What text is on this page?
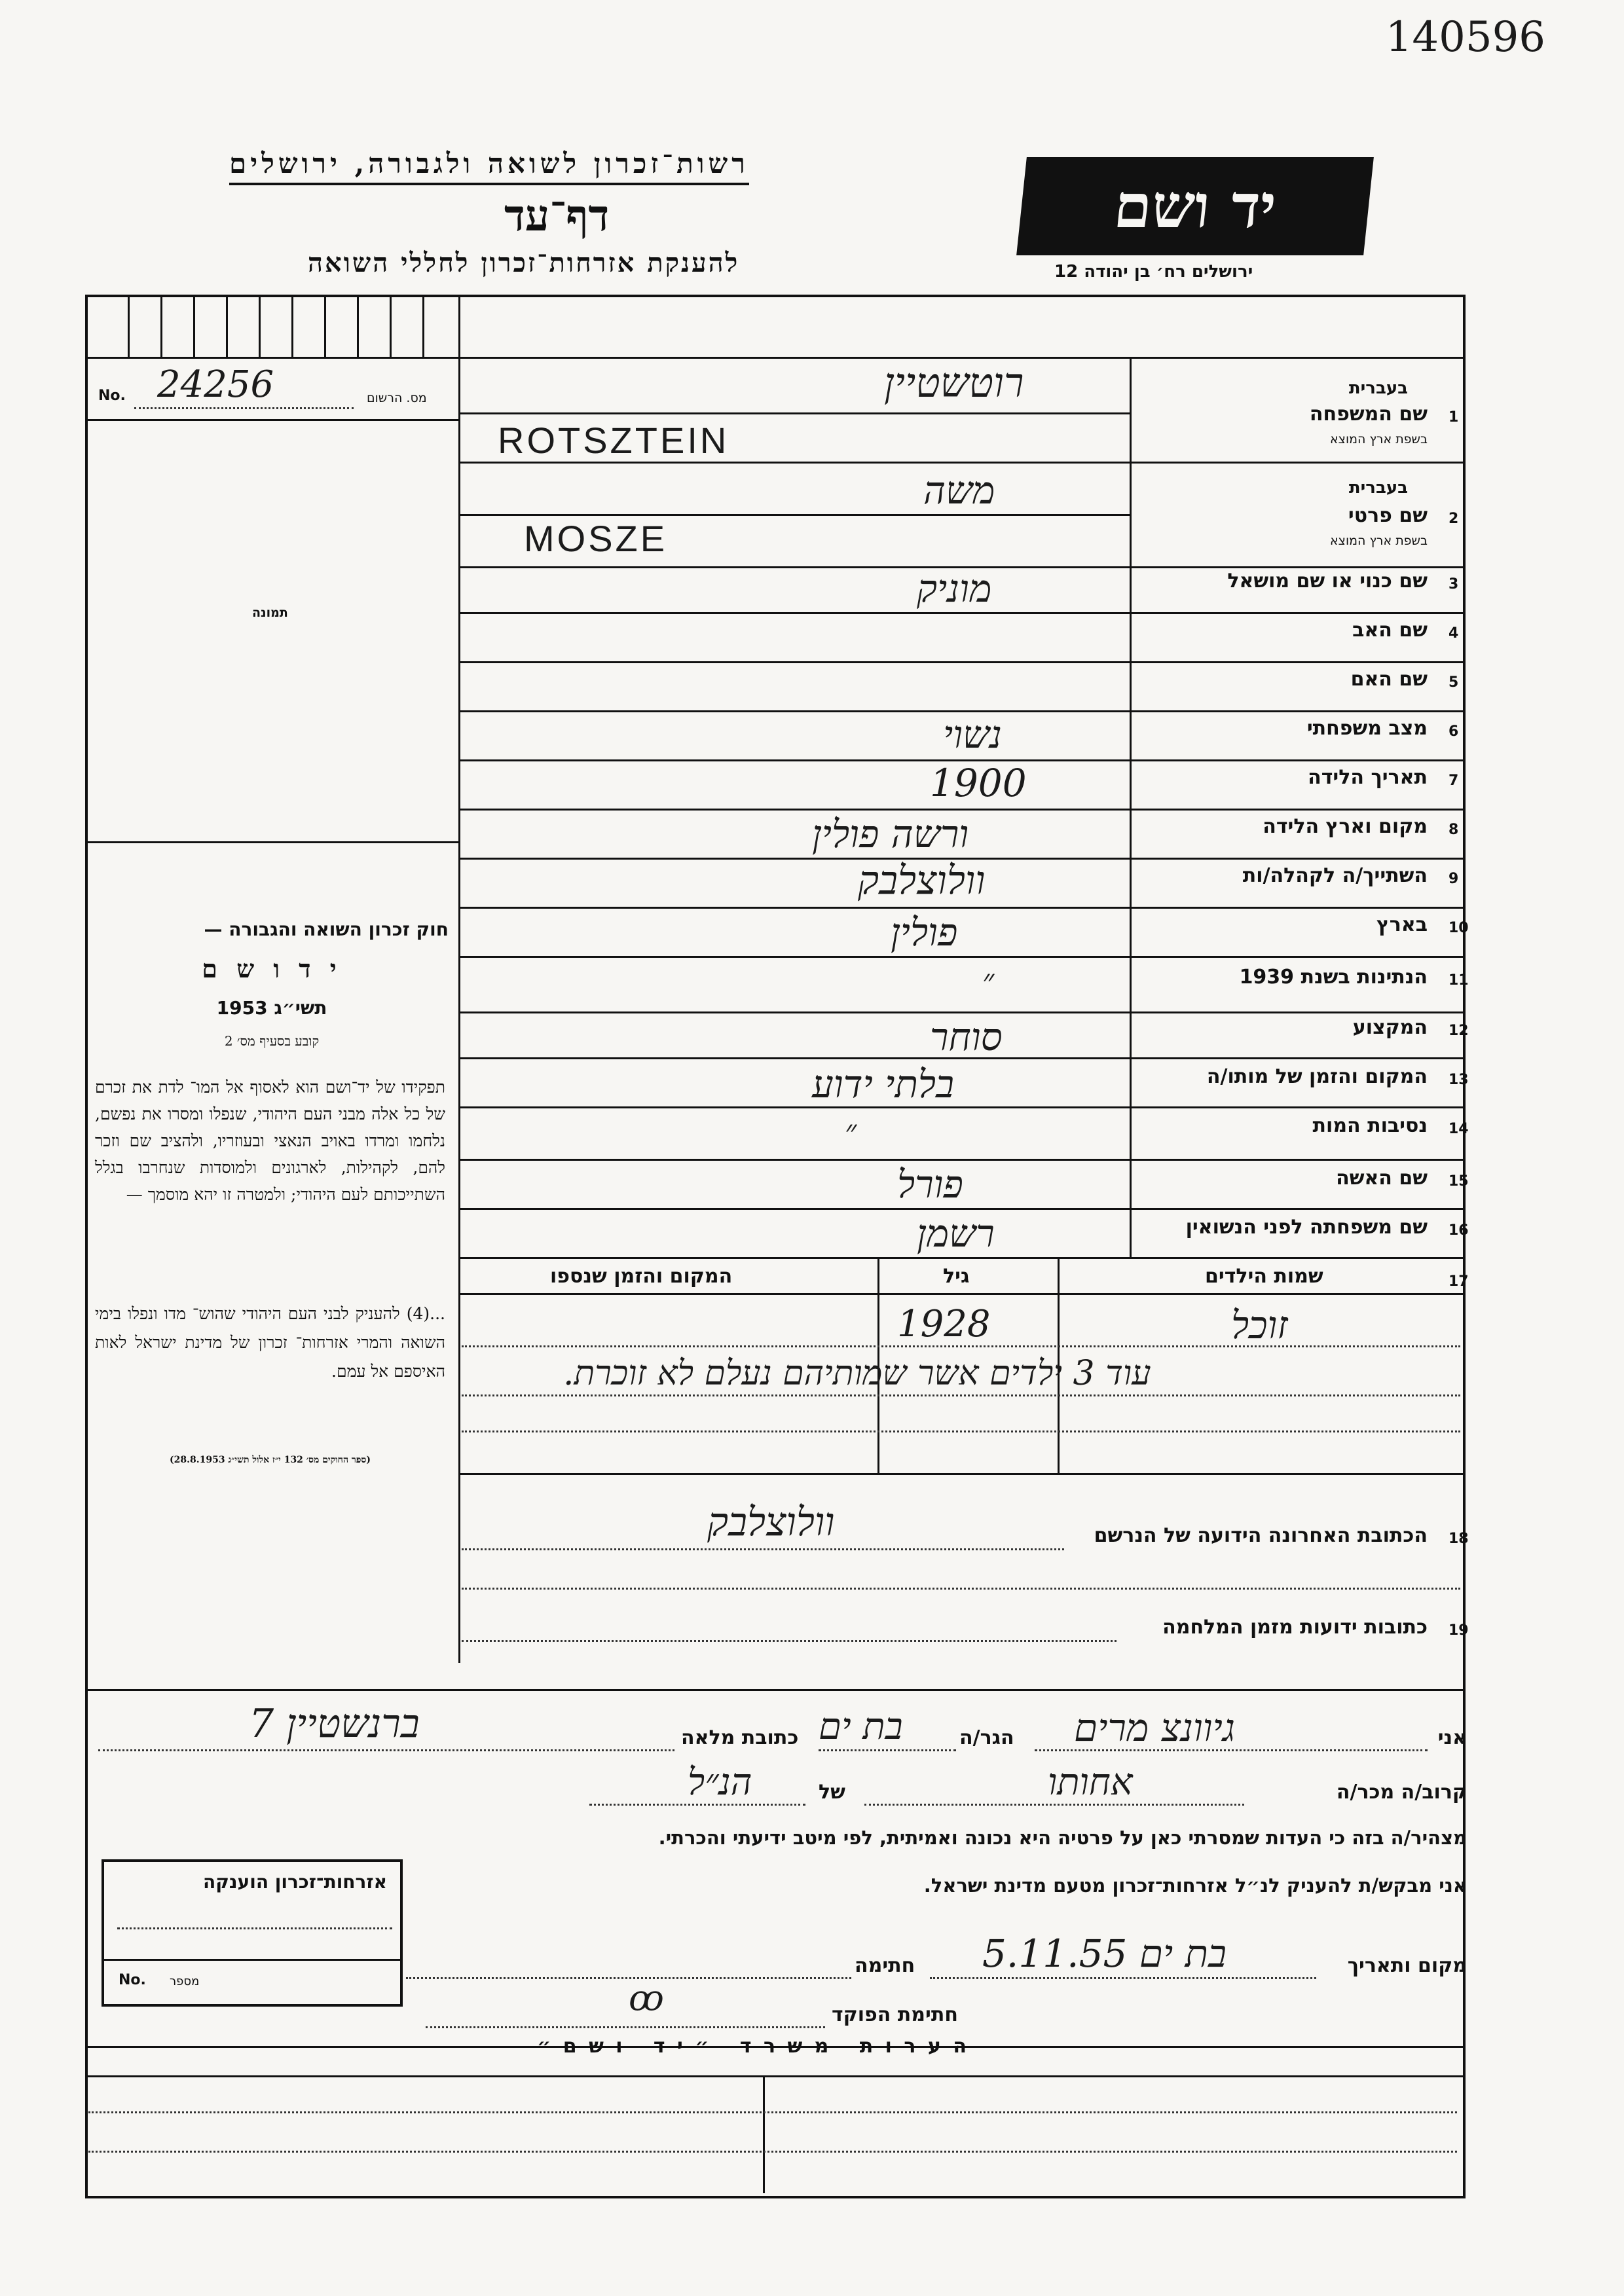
140596
רשות־זכרון לשואה ולגבורה, ירושלים
דף־עד
להענקת אזרחות־זכרון לחללי השואה
יד ושם
ירושלים רח׳ בן יהודה 12
No. 24256	מס. הרשום
תמונה
חוק זכרון השואה והגבורה —
י ד ו ש ם
תשי״ג 1953
קובע בסעיף מס׳ 2
תפקידו של יד־ושם הוא לאסוף אל המו־ לדת את זכרם של כל אלה מבני העם היהודי, שנפלו ומסרו את נפשם, נלחמו ומרדו באויב הנאצי ובעוזריו, ולהציב שם וזכר להם, לקהילות, לארגונים ולמוסדות שנחרבו בגלל השתייכותם לעם היהודי; ולמטרה זו יהא מוסמך —
...(4) להעניק לבני העם היהודי שהוש־ מדו ונפלו בימי השואה והמרי אזרחות־ זכרון של מדינת ישראל לאות האיספם אל עמם.
(ספר החוקים מס׳ 132 י״ז אלול תשי״ג 28.8.1953)
1
שם המשפחה
בעברית
בשפת ארץ המוצא
רוטשטיין
ROTSZTEIN
2
שם פרטי
בעברית
בשפת ארץ המוצא
משה
MOSZE
3
שם כנוי או שם מושאל
מוניק
4
שם האב
5
שם האם
6
מצב משפחתי
נשוי
7
תאריך הלידה
1900
8
מקום וארץ הלידה
ורשה פולין
9
השתייך/ה לקהלה/ות
וולוצלבק
10
בארץ
פולין
11
הנתינות בשנת 1939
״
12
המקצוע
סוחר
13
המקום והזמן של מותו/ה
בלתי ידוע
14
נסיבות המות
״
15
שם האשה
פורל
16
שם משפחתה לפני הנשואין
רשמן
17
שמות הילדים
גיל
המקום והזמן שנספו
זוכל
1928
עוד 3 ילדים אשר שמותיהם נעלם לא זוכרת.
18
הכתובת האחרונה הידועה של הנרשם
וולוצלבק
19
כתובות ידועות מזמן המלחמה
אני
גיוונצ מרים
הגר/ה
בת ים
כתובת מלאה
ברנשטיין 7
קרוב/ה מכר/ה
אחותו
של
הנ״ל
מצהיר/ה בזה כי העדות שמסרתי כאן על פרטיה היא נכונה ואמיתית, לפי מיטב ידיעתי והכרתי.
אני מבקש/ת להעניק לנ״ל אזרחות־זכרון מטעם מדינת ישראל.
מקום ותאריך
בת ים 5.11.55
חתימה
חתימת הפוקד
ꝏ
אזרחות־זכרון הוענקה
No. מספר
ה ע ר ו ת   מ ש ר ד   ״ י ד   ו ש ם ״
